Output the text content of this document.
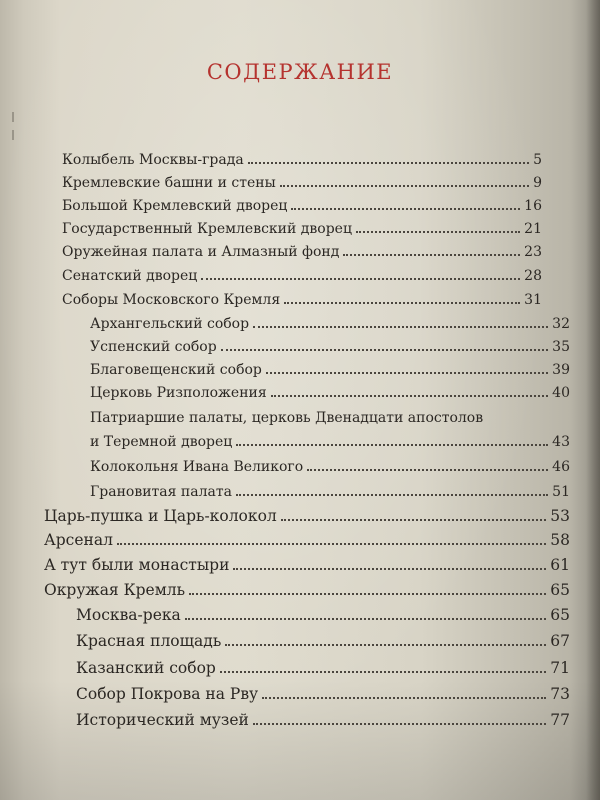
СОДЕРЖАНИЕ
Колыбель Москвы-града	5
Кремлевские башни и стены	9
Большой Кремлевский дворец	16
Государственный Кремлевский дворец	21
Оружейная палата и Алмазный фонд	23
Сенатский дворец	28
Соборы Московского Кремля	31
Архангельский собор	32
Успенский собор	35
Благовещенский собор	39
Церковь Ризположения	40
Патриаршие палаты, церковь Двенадцати апостолов
и Теремной дворец	43
Колокольня Ивана Великого	46
Грановитая палата	51
Царь-пушка и Царь-колокол	53
Арсенал	58
А тут были монастыри	61
Окружая Кремль	65
Москва-река	65
Красная площадь	67
Казанский собор	71
Собор Покрова на Рву	73
Исторический музей	77
